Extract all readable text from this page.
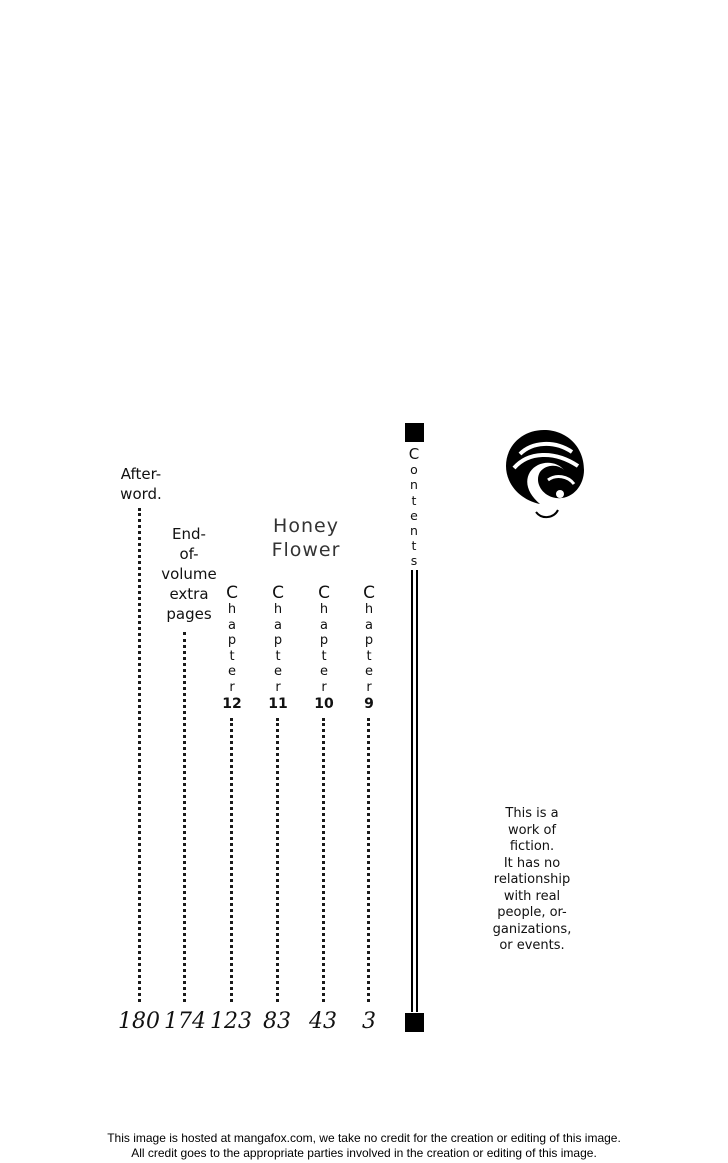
C
o
n
t
e
n
t
s
Honey
Flower
C
h
a
p
t
e
r
9
3
C
h
a
p
t
e
r
10
43
C
h
a
p
t
e
r
11
83
C
h
a
p
t
e
r
12
123
End-
of-
volume
extra
pages
174
After-
word.
180
This is a
work of
fiction.
It has no
relationship
with real
people, or-
ganizations,
or events.
This image is hosted at mangafox.com, we take no credit for the creation or editing of this image.
All credit goes to the appropriate parties involved in the creation or editing of this image.
